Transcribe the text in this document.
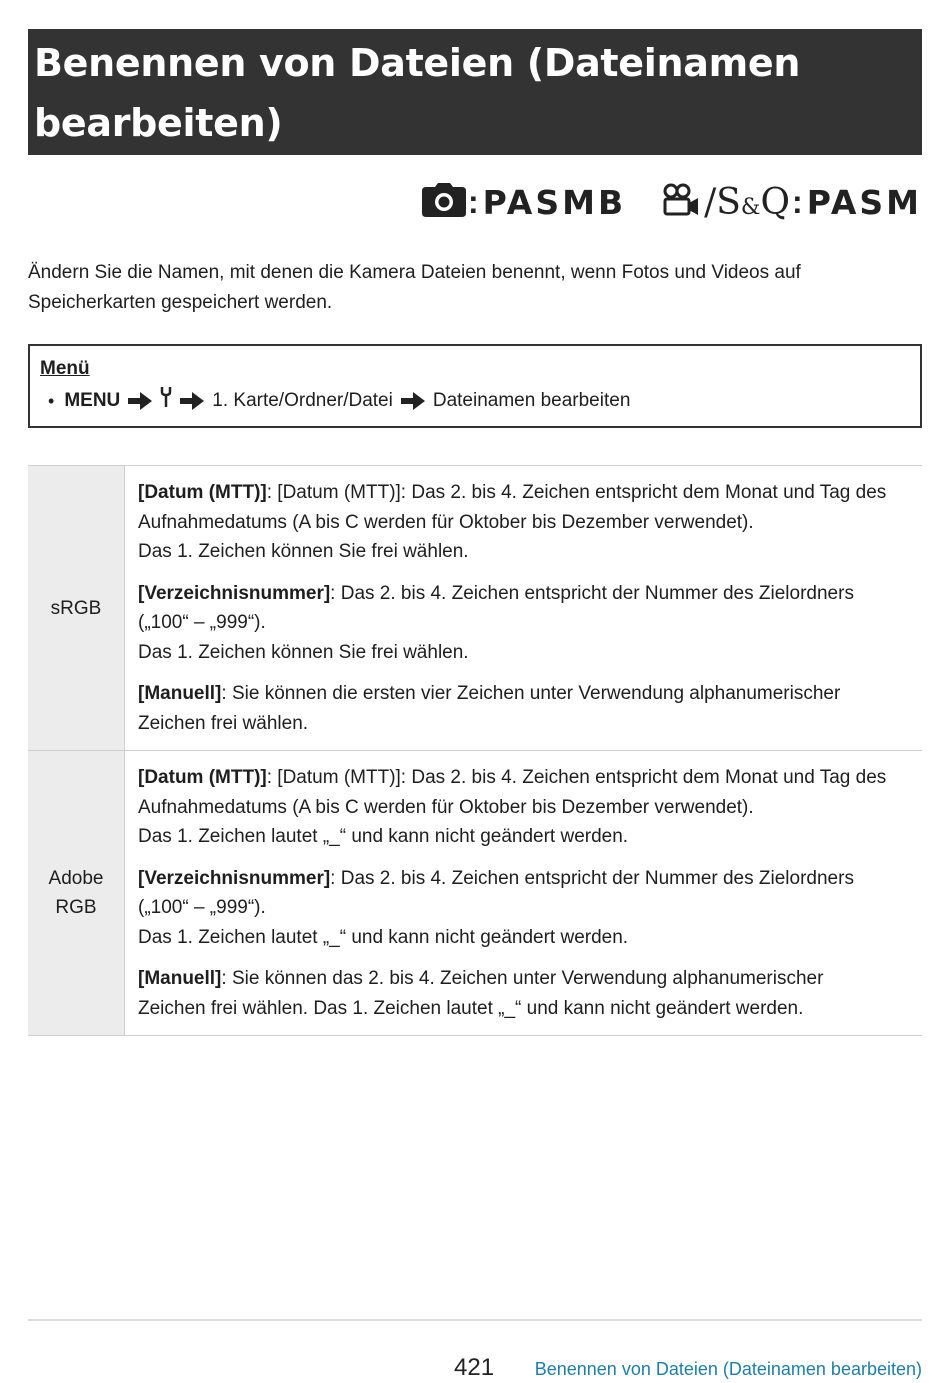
Benennen von Dateien (Dateinamen
bearbeiten)
: PASMB /S&Q : PASM

Ändern Sie die Namen, mit denen die Kamera Dateien benennt, wenn Fotos und Videos auf
Speicherkarten gespeichert werden.

Menü
• MENU	1. Karte/Ordner/Datei Dateinamen bearbeiten
sRGB

[Datum (MTT)]: [Datum (MTT)]: Das 2. bis 4. Zeichen entspricht dem Monat und Tag des
Aufnahmedatums (A bis C werden für Oktober bis Dezember verwendet).
Das 1. Zeichen können Sie frei wählen.

[Verzeichnisnummer]: Das 2. bis 4. Zeichen entspricht der Nummer des Zielordners
(„100“ – „999“).
Das 1. Zeichen können Sie frei wählen.

[Manuell]: Sie können die ersten vier Zeichen unter Verwendung alphanumerischer
Zeichen frei wählen.

Adobe
RGB

[Datum (MTT)]: [Datum (MTT)]: Das 2. bis 4. Zeichen entspricht dem Monat und Tag des
Aufnahmedatums (A bis C werden für Oktober bis Dezember verwendet).
Das 1. Zeichen lautet „_“ und kann nicht geändert werden.

[Verzeichnisnummer]: Das 2. bis 4. Zeichen entspricht der Nummer des Zielordners
(„100“ – „999“).
Das 1. Zeichen lautet „_“ und kann nicht geändert werden.

[Manuell]: Sie können das 2. bis 4. Zeichen unter Verwendung alphanumerischer
Zeichen frei wählen. Das 1. Zeichen lautet „_“ und kann nicht geändert werden.

421 Benennen von Dateien (Dateinamen bearbeiten)
